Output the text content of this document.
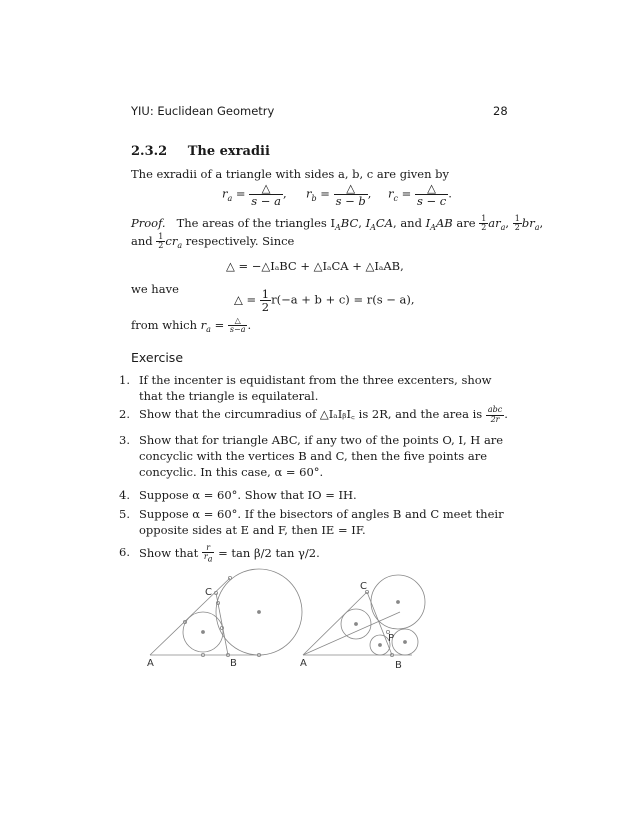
YIU: Euclidean Geometry	28
2.3.2 The exradii
The exradii of a triangle with sides a, b, c are given by
$r_a = \frac{\triangle}{s - a}$ , $r_b = \frac{\triangle}{s - b}$ , $r_c = \frac{\triangle}{s - c}$ .
Proof. The areas of the triangles $I_ABC$, $I_ACA$, and $I_AAB$ are $\frac{1}{2} ar_a$, $\frac{1}{2} br_a$,
and $\frac{1}{2} cr_a$ respectively. Since
△ = −△IₐBC + △IₐCA + △IₐAB,
we have
△ = $\frac{1}{2} r(-a + b + c) = r(s - a)$,
from which $r_a = \frac{\triangle}{s-a}$ .
Exercise
1. If the incenter is equidistant from the three excenters, show that the triangle is equilateral.
2. Show that the circumradius of △IₐIᵦI꜀ is 2R, and the area is $\frac{\text{abc}}{2r}$ .
3. Show that for triangle ABC, if any two of the points O, I, H are concyclic with the vertices B and C, then the five points are concyclic. In this case, α = 60°.
4. Suppose α = 60°. Show that IO = IH.
5. Suppose α = 60°. If the bisectors of angles B and C meet their opposite sides at E and F, then IE = IF.
6. Show that $\frac{r}{r_a} = \tan \beta/2$ tan γ/2.
C
A	B
C
P
A	B
